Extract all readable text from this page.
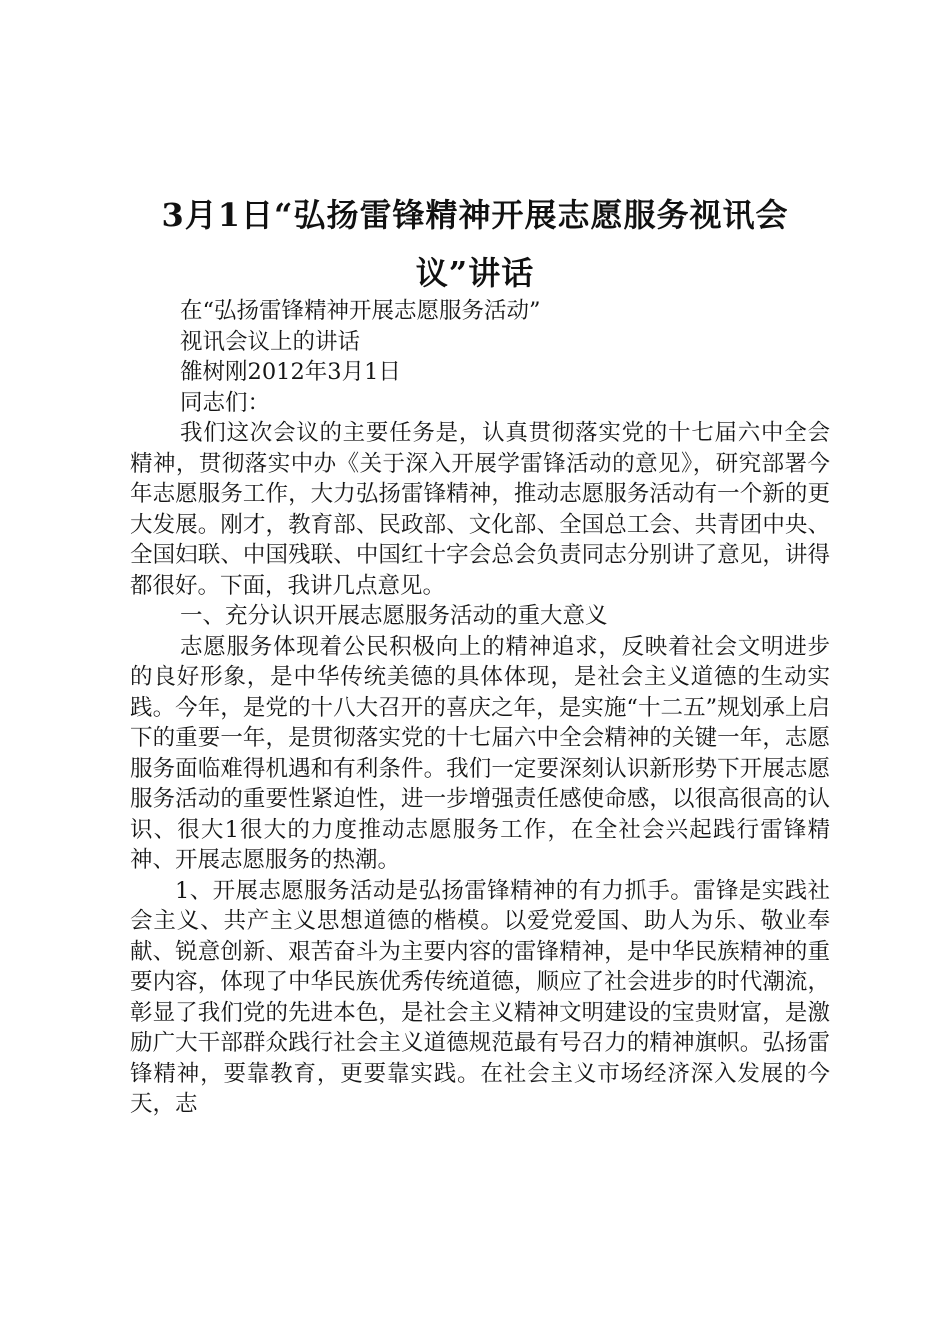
3月1日“弘扬雷锋精神开展志愿服务视讯会议”讲话

在“弘扬雷锋精神开展志愿服务活动”

视讯会议上的讲话

雒树刚2012年3月1日

同志们：

我们这次会议的主要任务是，认真贯彻落实党的十七届六中全会精神，贯彻落实中办《关于深入开展学雷锋活动的意见》，研究部署今年志愿服务工作，大力弘扬雷锋精神，推动志愿服务活动有一个新的更大发展。刚才，教育部、民政部、文化部、全国总工会、共青团中央、全国妇联、中国残联、中国红十字会总会负责同志分别讲了意见，讲得都很好。下面，我讲几点意见。

一、充分认识开展志愿服务活动的重大意义

志愿服务体现着公民积极向上的精神追求，反映着社会文明进步的良好形象，是中华传统美德的具体体现，是社会主义道德的生动实践。今年，是党的十八大召开的喜庆之年，是实施“十二五”规划承上启下的重要一年，是贯彻落实党的十七届六中全会精神的关键一年，志愿服务面临难得机遇和有利条件。我们一定要深刻认识新形势下开展志愿服务活动的重要性紧迫性，进一步增强责任感使命感，以很高很高的认识、很大1很大的力度推动志愿服务工作，在全社会兴起践行雷锋精神、开展志愿服务的热潮。

1、开展志愿服务活动是弘扬雷锋精神的有力抓手。雷锋是实践社会主义、共产主义思想道德的楷模。以爱党爱国、助人为乐、敬业奉献、锐意创新、艰苦奋斗为主要内容的雷锋精神，是中华民族精神的重要内容，体现了中华民族优秀传统道德，顺应了社会进步的时代潮流，彰显了我们党的先进本色，是社会主义精神文明建设的宝贵财富，是激励广大干部群众践行社会主义道德规范最有号召力的精神旗帜。弘扬雷锋精神，要靠教育，更要靠实践。在社会主义市场经济深入发展的今天，志
